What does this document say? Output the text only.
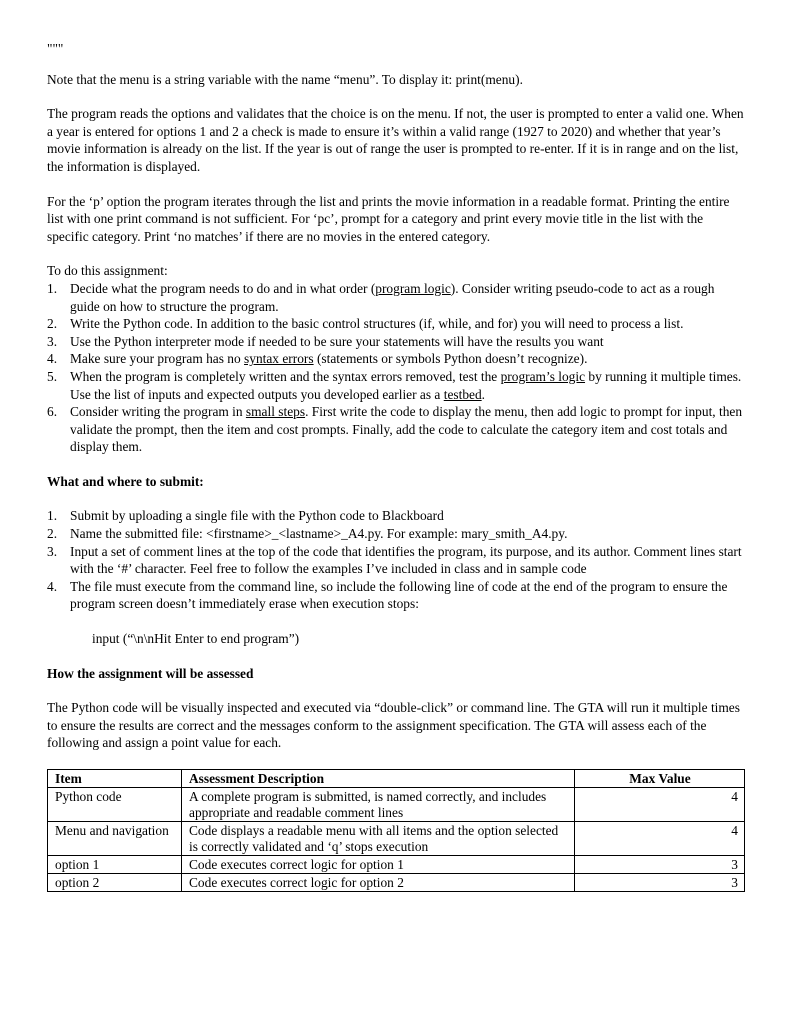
"""

Note that the menu is a string variable with the name “menu”. To display it: print(menu).

The program reads the options and validates that the choice is on the menu. If not, the user is prompted to enter a valid one. When a year is entered for options 1 and 2 a check is made to ensure it’s within a valid range (1927 to 2020) and whether that year’s movie information is already on the list. If the year is out of range the user is prompted to re-enter. If it is in range and on the list, the information is displayed.

For the ‘p’ option the program iterates through the list and prints the movie information in a readable format. Printing the entire list with one print command is not sufficient. For ‘pc’, prompt for a category and print every movie title in the list with the specific category. Print ‘no matches’ if there are no movies in the entered category.

To do this assignment:

1. Decide what the program needs to do and in what order (program logic). Consider writing pseudo-code to act as a rough guide on how to structure the program.
2. Write the Python code. In addition to the basic control structures (if, while, and for) you will need to process a list.
3. Use the Python interpreter mode if needed to be sure your statements will have the results you want
4. Make sure your program has no syntax errors (statements or symbols Python doesn’t recognize).
5. When the program is completely written and the syntax errors removed, test the program’s logic by running it multiple times. Use the list of inputs and expected outputs you developed earlier as a testbed.
6. Consider writing the program in small steps. First write the code to display the menu, then add logic to prompt for input, then validate the prompt, then the item and cost prompts. Finally, add the code to calculate the category item and cost totals and display them.

What and where to submit:

1. Submit by uploading a single file with the Python code to Blackboard
2. Name the submitted file: <firstname>_<lastname>_A4.py. For example: mary_smith_A4.py.
3. Input a set of comment lines at the top of the code that identifies the program, its purpose, and its author. Comment lines start with the ‘#’ character. Feel free to follow the examples I’ve included in class and in sample code
4. The file must execute from the command line, so include the following line of code at the end of the program to ensure the program screen doesn’t immediately erase when execution stops:

input (“\n\nHit Enter to end program”)

How the assignment will be assessed

The Python code will be visually inspected and executed via “double-click” or command line. The GTA will run it multiple times to ensure the results are correct and the messages conform to the assignment specification. The GTA will assess each of the following and assign a point value for each.

Item	Assessment Description	Max Value
Python code	A complete program is submitted, is named correctly, and includes appropriate and readable comment lines	4
Menu and navigation	Code displays a readable menu with all items and the option selected is correctly validated and ‘q’ stops execution	4
option 1	Code executes correct logic for option 1	3
option 2	Code executes correct logic for option 2	3
